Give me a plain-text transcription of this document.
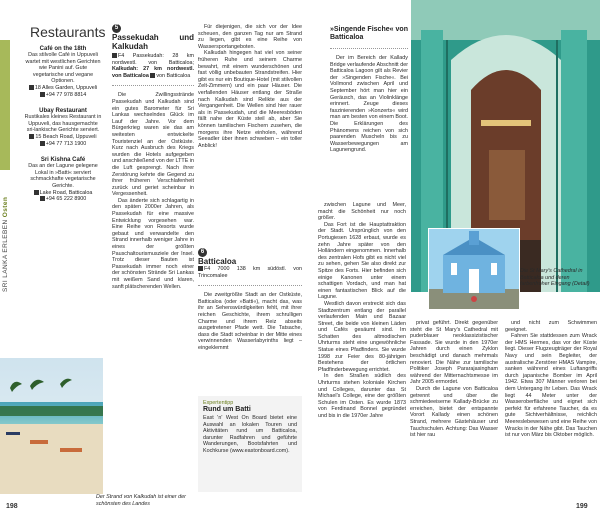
SRI LANKA ERLEBEN Osten
Restaurants
Café on the 18th
Das stilvolle Café in Uppuveli wartet mit westlichen Gerichten wie Panini auf. Gute vegetarische und vegane Optionen.
18 Alles Garden, Uppuveli
+94 77 978 8814
Ubay Restaurant
Rustikales kleines Restaurant in Uppuveli, das hausgemachte sri-lankische Gerichte serviert.
15 Beach Road, Uppuveli
+94 77 713 1900
Sri Kishna Café
Das an der Lagune gelegene Lokal in »Batti« serviert schmackhafte vegetarische Gerichte.
Lake Road, Batticaloa
+94 65 222 8900
Der Strand von Kalkudah ist einer der schönsten des Landes
5
Passekudah und Kalkudah
F4 Passekudah: 28 km nordwestl. von Batticaloa; Kalkudah: 27 km nordwestl. von Batticaloa von Batticaloa

Die Zwillingsstrände Passekudah und Kalkudah sind ein gutes Barometer für Sri Lankas wechselndes Glück im Lauf der Jahre. Vor dem Bürgerkrieg waren sie das am weitesten entwickelte Touristenziel an der Ostküste. Kurz nach Ausbruch des Kriegs wurden die Hotels aufgegeben und anschließend von der LTTE in die Luft gesprengt. Nach ihrer Zerstörung kehrte die Gegend zu ihrer früheren Verschlafenheit zurück und geriet scheinbar in Vergessenheit.

Das änderte sich schlagartig in den späten 2000er Jahren, als Passekudah für eine massive Entwicklung vorgesehen war. Eine Reihe von Resorts wurde gebaut und verwandelte den Strand innerhalb weniger Jahre in eines der größten Pauschaltourismusziele der Insel. Trotz dieser Bauten ist Passekudah immer noch einer der schönsten Strände Sri Lankas mit weißem Sand und klaren, sanft plätscherenden Wellen.

Für diejenigen, die sich vor der Idee scheuen, den ganzen Tag nur am Strand zu liegen, gibt es eine Reihe von Wassersportangeboten.

Kalkudah hingegen hat viel von seiner früheren Ruhe und seinem Charme bewahrt, mit einem wunderschönen und fast völlig unbebauten Strandstreifen. Hier gibt es nur ein Boutique-Hotel (mit stilvollen Zelt-Zimmern) und ein paar Häuser. Die verfallenden Häuser entlang der Straße nach Kalkudah sind Relikte aus der Vergangenheit. Die Wellen sind hier rauer als in Passekudah, und die Meeresböden fällt nahe der Küste steil ab, aber Sie können tamilischen Fischern zusehen, die morgens ihre Netze einholen, während Seeadler über ihnen schweben – ein toller Anblick!

6
Batticaloa
F4 7000 138 km südöstl. von Trincomalee

Die zweitgrößte Stadt an der Ostküste, Batticaloa (oder »Batti«), macht das, was ihr an Sehenswürdigkeiten fehlt, mit ihrer reichen Geschichte, ihrem schrulligen Charme und ihrem Reiz abseits ausgetretener Pfade wett. Die Tatsache, dass die Stadt scheinbar in der Mitte eines verwinnenden Wasserlabyrinths liegt – eingeklemmt

Expertentipp
Rund um Batti
East 'n' West On Board bietet eine Auswahl an lokalen Touren und Aktivitäten rund um Batticaloa, darunter Radfahren und geführte Wanderungen, Bootsfahrten und Kochkurse (www.eastonboard.com).
198
»Singende Fische« von Batticaloa

Der im Bereich der Kallady Bridge verlaufende Abschnitt der Batticaloa Lagoon gilt als Revier der »Singenden Fische«. Bei Vollmond zwischen April und September hört man hier ein Geräusch, das an Violinklänge erinnert. Zeuge dieses faszinierenden »Konzerts« wird man am besten von einem Boot. Die Erklärungen des Phänomens reichen von sich paarenden Muscheln bis zu Wasserbewegungen am Lagunengrund.

zwischen Lagune und Meer, macht die Schönheit nur noch größer.

Das Fort ist die Hauptattraktion der Stadt. Ursprünglich von den Portugiesen 1628 erbaut, wurde es zehn Jahre später von den Holländern eingenommen. Innerhalb des zentralen Hofs gibt es nicht viel zu sehen, gehen Sie also direkt zur Spitze des Forts. Hier befinden sich einige Kanonen unter einem schattigen Vordach, und man hat einen fantastischen Blick auf die Lagune.

Westlich davon erstreckt sich das Stadtzentrum entlang der parallel verlaufenden Main und Bazaar Street, die beide von kleinen Läden und Cafés gesäumt sind. Im Schatten des altmodischen Uhrturms steht eine ungewöhnliche Statue eines Pfadfinders. Sie wurde 1998 zur Feier des 80-jährigen Bestehens der örtlichen Pfadfinderbewegung errichtet.

In den Straßen südlich des Uhrturms stehen koloniale Kirchen und Colleges, darunter das St Michael's College, eine der größten Schulen im Osten. Es wurde 1873 von Ferdinand Bonnel gegründet und bis in die 1970er Jahre

Die St Mary's Cathedral in Batticaloa und deren farbenfroher Eingang (Detail)

privat geführt. Direkt gegenüber steht die St Mary's Cathedral mit puderblauer neoklassizistischer Fassade. Sie wurde in den 1970er Jahren durch einen Zyklon beschädigt und danach mehrmals renoviert. Die Nähe zur tamilische Politiker Joseph Pararajasingham während der Mitternachtsmesse im Jahr 2005 ermordet.

Durch die Lagune von Batticaloa getrennt und über die schmiedeeiserne Kallady-Brücke zu erreichen, bietet der entspannte Vorort Kallady einen schönen Strand, mehrere Gästehäuser und Tauchschulen. Achtung: Das Wasser ist hier rau

und nicht zum Schwimmen geeignet.

Fahren Sie stattdessen zum Wrack der HMS Hermes, das vor der Küste liegt. Dieser Flugzeugträger der Royal Navy und sein Begleiter, der australische Zerstörer HMAS Vampire, sanken während eines Luftangriffs durch japanische Bomber im April 1942. Etwa 307 Männer verloren bei dem Untergang ihr Leben. Das Wrack liegt 44 Meter unter der Wasseroberfläche und eignet sich perfekt für erfahrene Taucher, da es gute Sichtverhältnisse, reichlich Meereslebewesen und eine Reihe von Wracks in der Nähe gibt. Das Tauchen ist nur von März bis Oktober möglich.

199
